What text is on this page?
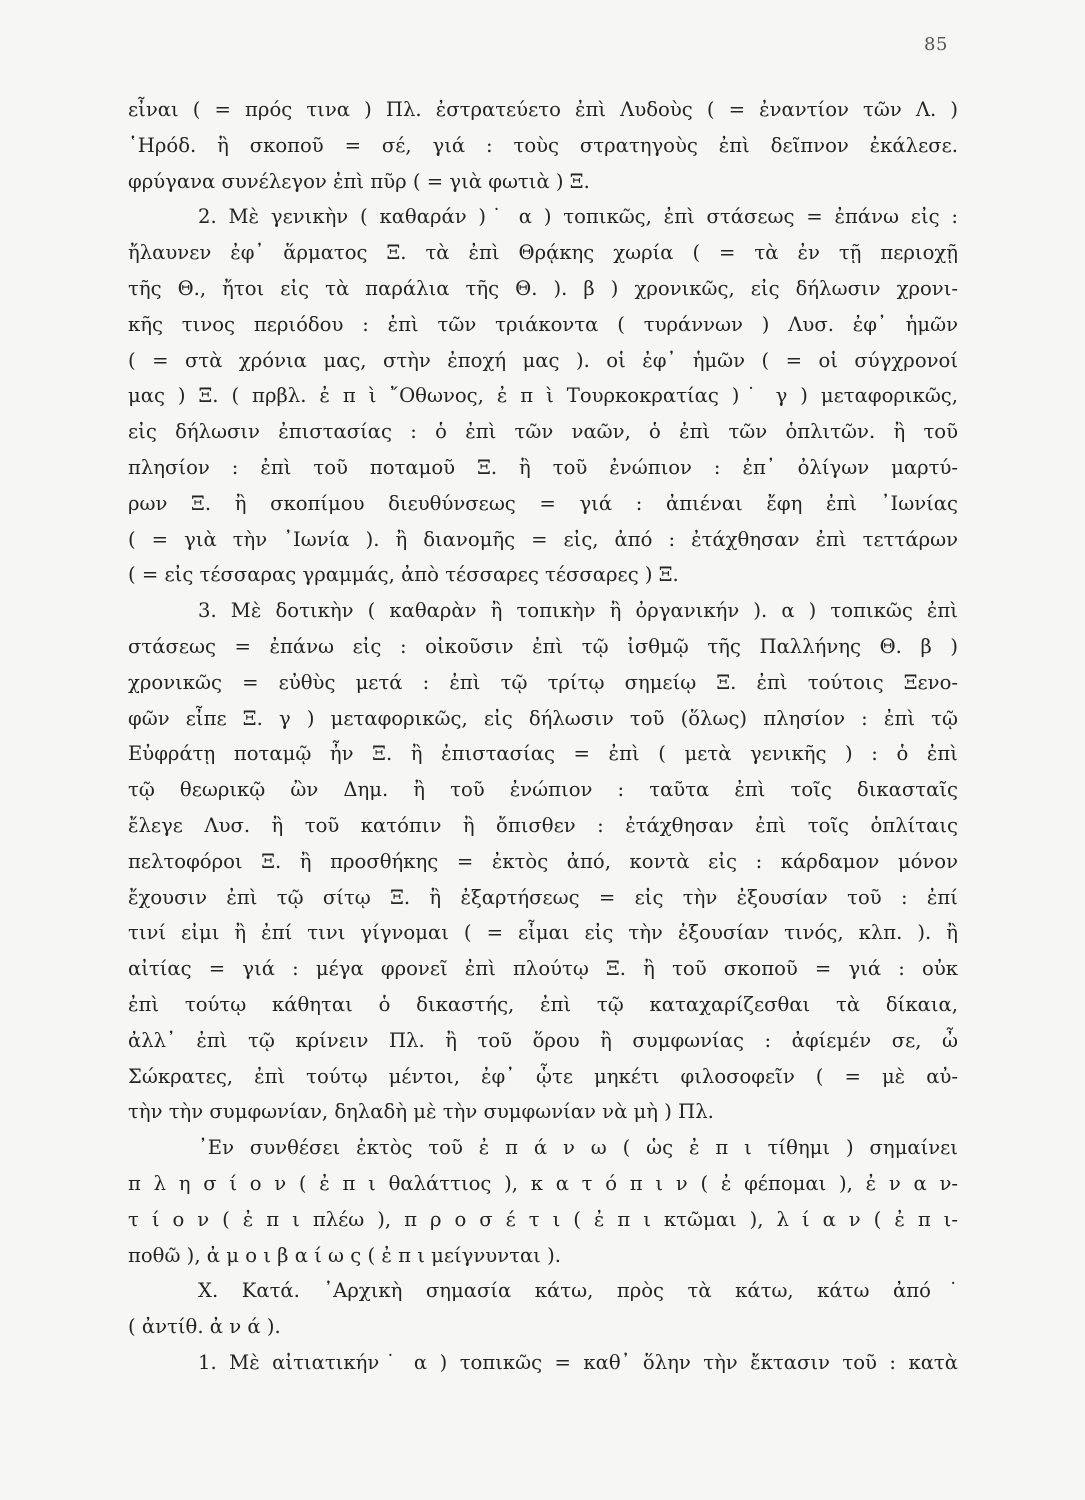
85
εἶναι ( = πρός τινα ) Πλ. ἐστρατεύετο ἐπὶ Λυδοὺς ( = ἐναντίον τῶν Λ. )
῾Ηρόδ. ἢ σκοποῦ = σέ, γιά : τοὺς στρατηγοὺς ἐπὶ δεῖπνον ἐκάλεσε.
φρύγανα συνέλεγον ἐπὶ πῦρ ( = γιὰ φωτιὰ ) Ξ.
2. Μὲ γενικὴν ( καθαράν )˙ α ) τοπικῶς, ἐπὶ στάσεως = ἐπάνω εἰς :
ἤλαυνεν ἐφ᾽ ἅρματος Ξ. τὰ ἐπὶ Θρᾴκης χωρία ( = τὰ ἐν τῇ περιοχῇ
τῆς Θ., ἤτοι εἰς τὰ παράλια τῆς Θ. ). β ) χρονικῶς, εἰς δήλωσιν χρονι-
κῆς τινος περιόδου : ἐπὶ τῶν τριάκοντα ( τυράννων ) Λυσ. ἐφ᾽ ἡμῶν
( = στὰ χρόνια μας, στὴν ἐποχή μας ). οἱ ἐφ᾽ ἡμῶν ( = οἱ σύγχρονοί
μας ) Ξ. ( πρβλ. ἐ π ὶ ῎Οθωνος, ἐ π ὶ Τουρκοκρατίας )˙ γ ) μεταφορικῶς,
εἰς δήλωσιν ἐπιστασίας : ὁ ἐπὶ τῶν ναῶν, ὁ ἐπὶ τῶν ὁπλιτῶν. ἢ τοῦ
πλησίον : ἐπὶ τοῦ ποταμοῦ Ξ. ἢ τοῦ ἐνώπιον : ἐπ᾽ ὀλίγων μαρτύ-
ρων Ξ. ἢ σκοπίμου διευθύνσεως = γιά : ἀπιέναι ἔφη ἐπὶ ᾽Ιωνίας
( = γιὰ τὴν ᾽Ιωνία ). ἢ διανομῆς = εἰς, ἀπό : ἐτάχθησαν ἐπὶ τεττάρων
( = εἰς τέσσαρας γραμμάς, ἀπὸ τέσσαρες τέσσαρες ) Ξ.
3. Μὲ δοτικὴν ( καθαρὰν ἢ τοπικὴν ἢ ὀργανικήν ). α ) τοπικῶς ἐπὶ
στάσεως = ἐπάνω εἰς : οἰκοῦσιν ἐπὶ τῷ ἰσθμῷ τῆς Παλλήνης Θ. β )
χρονικῶς = εὐθὺς μετά : ἐπὶ τῷ τρίτῳ σημείῳ Ξ. ἐπὶ τούτοις Ξενο-
φῶν εἶπε Ξ. γ ) μεταφορικῶς, εἰς δήλωσιν τοῦ (ὅλως) πλησίον : ἐπὶ τῷ
Εὐφράτῃ ποταμῷ ἦν Ξ. ἢ ἐπιστασίας = ἐπὶ ( μετὰ γενικῆς ) : ὁ ἐπὶ
τῷ θεωρικῷ ὢν Δημ. ἢ τοῦ ἐνώπιον : ταῦτα ἐπὶ τοῖς δικασταῖς
ἔλεγε Λυσ. ἢ τοῦ κατόπιν ἢ ὄπισθεν : ἐτάχθησαν ἐπὶ τοῖς ὁπλίταις
πελτοφόροι Ξ. ἢ προσθήκης = ἐκτὸς ἀπό, κοντὰ εἰς : κάρδαμον μόνον
ἔχουσιν ἐπὶ τῷ σίτῳ Ξ. ἢ ἐξαρτήσεως = εἰς τὴν ἐξουσίαν τοῦ : ἐπί
τινί εἰμι ἢ ἐπί τινι γίγνομαι ( = εἶμαι εἰς τὴν ἐξουσίαν τινός, κλπ. ). ἢ
αἰτίας = γιά : μέγα φρονεῖ ἐπὶ πλούτῳ Ξ. ἢ τοῦ σκοποῦ = γιά : οὐκ
ἐπὶ τούτῳ κάθηται ὁ δικαστής, ἐπὶ τῷ καταχαρίζεσθαι τὰ δίκαια,
ἀλλ᾽ ἐπὶ τῷ κρίνειν Πλ. ἢ τοῦ ὅρου ἢ συμφωνίας : ἀφίεμέν σε, ὦ
Σώκρατες, ἐπὶ τούτῳ μέντοι, ἐφ᾽ ᾧτε μηκέτι φιλοσοφεῖν ( = μὲ αὐ-
τὴν τὴν συμφωνίαν, δηλαδὴ μὲ τὴν συμφωνίαν νὰ μὴ ) Πλ.
᾽Εν συνθέσει ἐκτὸς τοῦ ἐ π ά ν ω ( ὡς ἐ π ι τίθημι ) σημαίνει
π λ η σ ί ο ν ( ἐ π ι θαλάττιος ), κ α τ ό π ι ν ( ἐ φέπομαι ), ἐ ν α ν-
τ ί ο ν ( ἐ π ι πλέω ), π ρ ο σ έ τ ι ( ἐ π ι κτῶμαι ), λ ί α ν ( ἐ π ι-
ποθῶ ), ἀ μ ο ι β α ί ω ς ( ἐ π ι μείγνυνται ).
Χ. Κατά. ᾽Αρχικὴ σημασία κάτω, πρὸς τὰ κάτω, κάτω ἀπό˙
( ἀντίθ. ἀ ν ά ).
1. Μὲ αἰτιατικήν˙ α ) τοπικῶς = καθ᾽ ὅλην τὴν ἔκτασιν τοῦ : κατὰ
